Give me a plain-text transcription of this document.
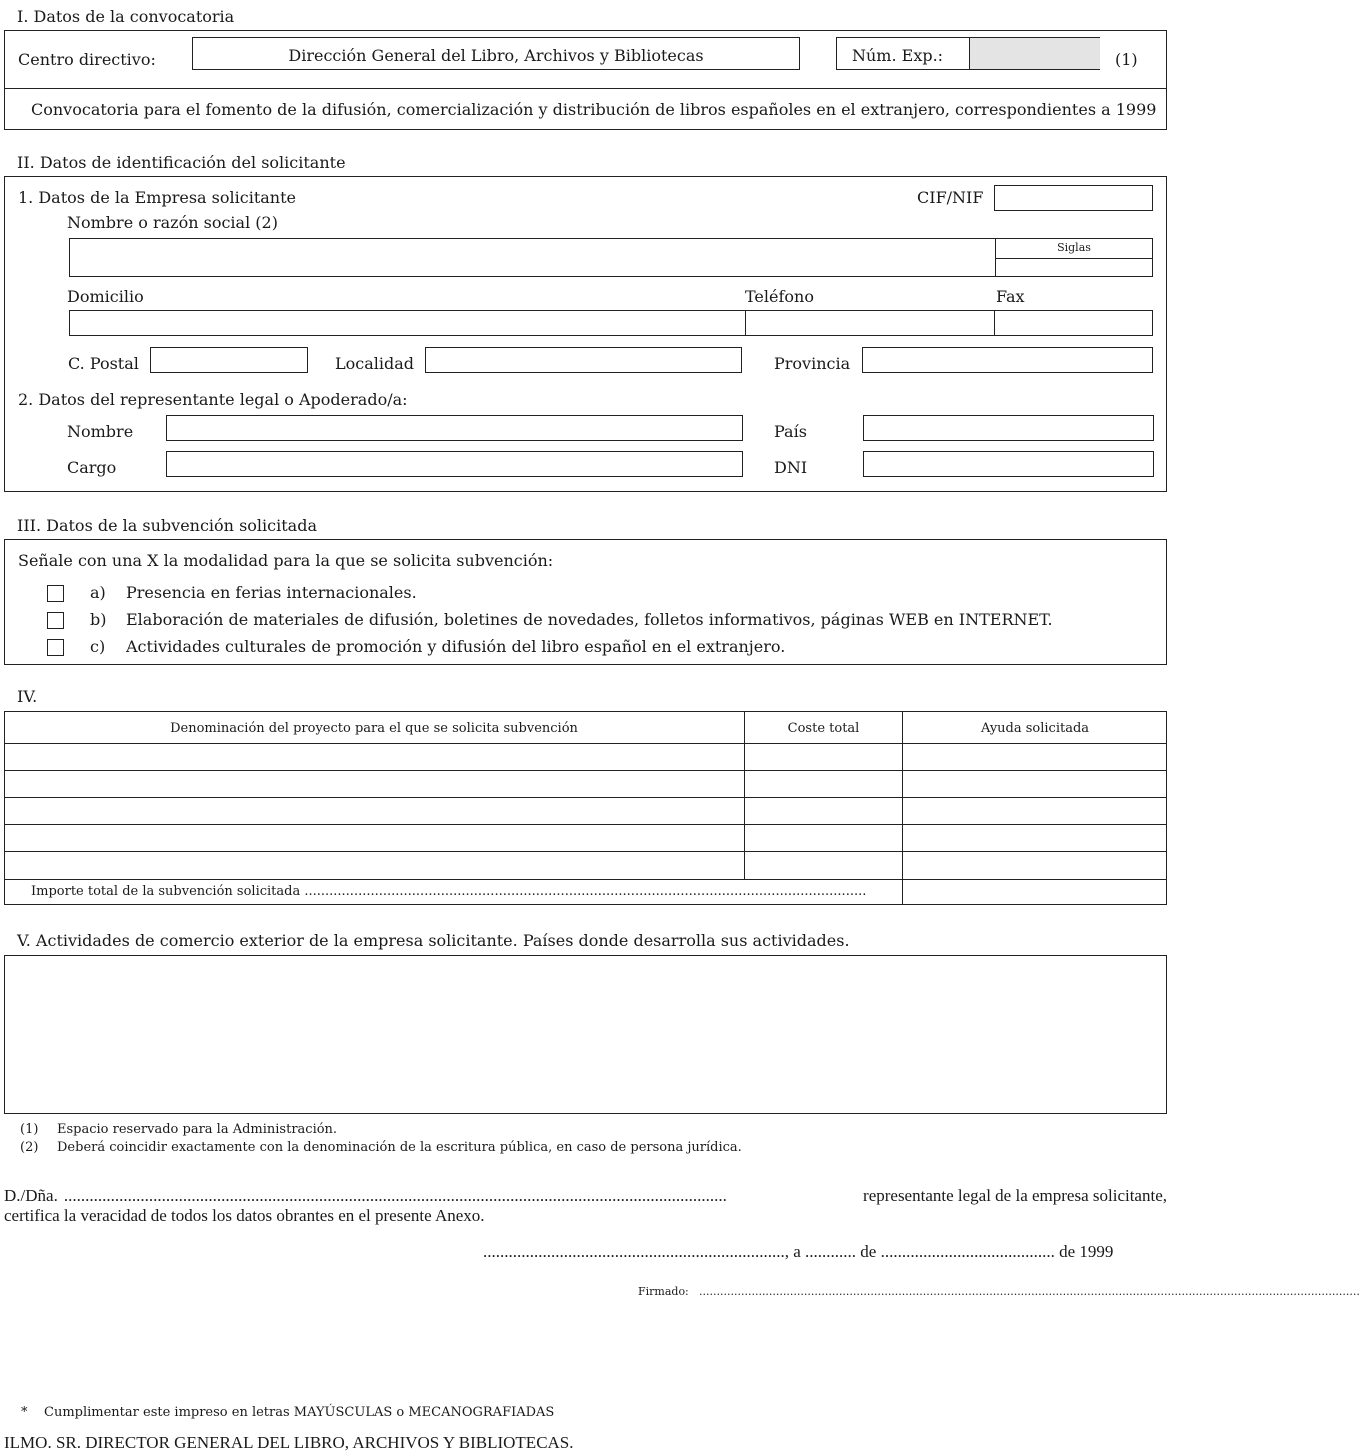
I. Datos de la convocatoria
Centro directivo:	Dirección General del Libro, Archivos y Bibliotecas	Núm. Exp.:	(1)
Convocatoria para el fomento de la difusión, comercialización y distribución de libros españoles en el extranjero, correspondientes a 1999
II. Datos de identificación del solicitante
1. Datos de la Empresa solicitante	CIF/NIF
Nombre o razón social (2)
Siglas
Domicilio	Teléfono	Fax
C. Postal	Localidad	Provincia
2. Datos del representante legal o Apoderado/a:
Nombre	País
Cargo	DNI
III. Datos de la subvención solicitada
Señale con una X la modalidad para la que se solicita subvención:
a) Presencia en ferias internacionales.
b) Elaboración de materiales de difusión, boletines de novedades, folletos informativos, páginas WEB en INTERNET.
c) Actividades culturales de promoción y difusión del libro español en el extranjero.
IV.
Denominación del proyecto para el que se solicita subvención	Coste total	Ayuda solicitada
Importe total de la subvención solicitada ........................................................................................................................................
V. Actividades de comercio exterior de la empresa solicitante. Países donde desarrolla sus actividades.
(1) Espacio reservado para la Administración.
(2) Deberá coincidir exactamente con la denominación de la escritura pública, en caso de persona jurídica.
D./Dña. ............................................................................................................................................................	representante legal de la empresa solicitante,
certifica la veracidad de todos los datos obrantes en el presente Anexo.
......................................................................., a ............ de ......................................... de 1999
Firmado: .............................................................................................................................................................................................
* Cumplimentar este impreso en letras MAYÚSCULAS o MECANOGRAFIADAS
ILMO. SR. DIRECTOR GENERAL DEL LIBRO, ARCHIVOS Y BIBLIOTECAS.
